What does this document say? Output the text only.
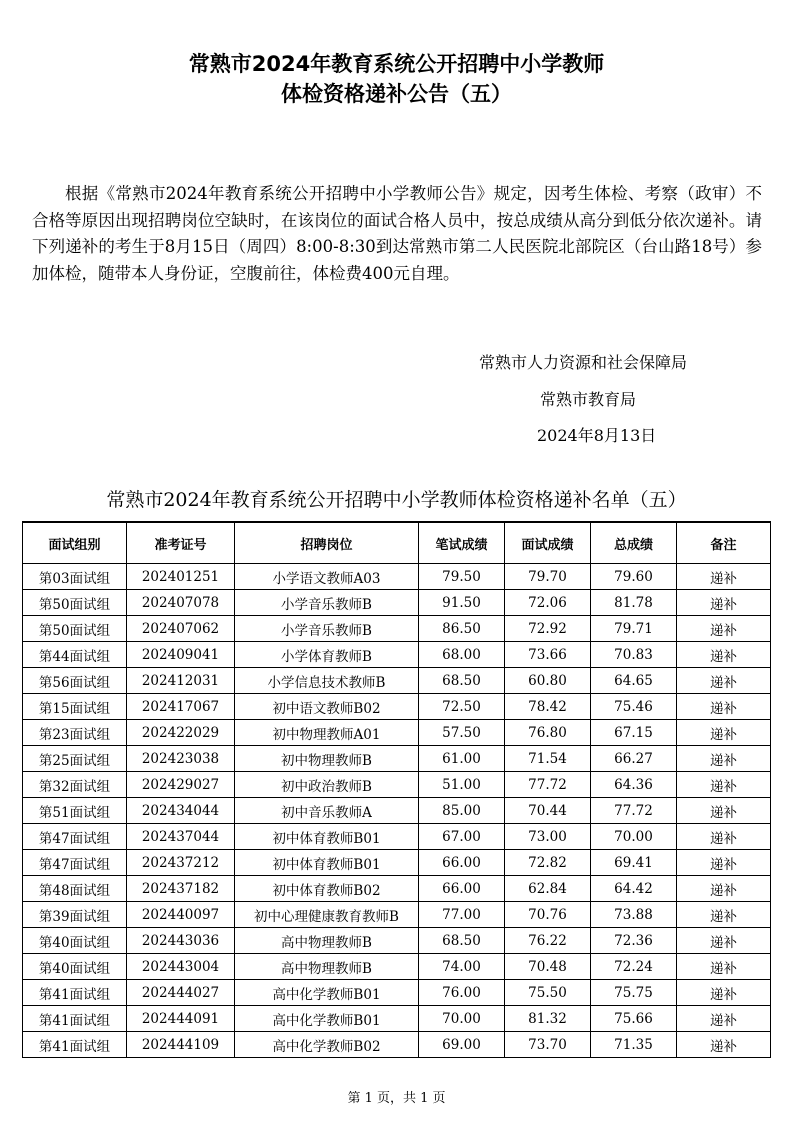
常熟市2024年教育系统公开招聘中小学教师
体检资格递补公告（五）
根据《常熟市2024年教育系统公开招聘中小学教师公告》规定，因考生体检、考察（政审）不合格等原因出现招聘岗位空缺时，在该岗位的面试合格人员中，按总成绩从高分到低分依次递补。请下列递补的考生于8月15日（周四）8:00-8:30到达常熟市第二人民医院北部院区（台山路18号）参加体检，随带本人身份证，空腹前往，体检费400元自理。
常熟市人力资源和社会保障局
常熟市教育局
2024年8月13日
常熟市2024年教育系统公开招聘中小学教师体检资格递补名单（五）
面试组别	准考证号	招聘岗位	笔试成绩	面试成绩	总成绩	备注
第03面试组	202401251	小学语文教师A03	79.50	79.70	79.60	递补
第50面试组	202407078	小学音乐教师B	91.50	72.06	81.78	递补
第50面试组	202407062	小学音乐教师B	86.50	72.92	79.71	递补
第44面试组	202409041	小学体育教师B	68.00	73.66	70.83	递补
第56面试组	202412031	小学信息技术教师B	68.50	60.80	64.65	递补
第15面试组	202417067	初中语文教师B02	72.50	78.42	75.46	递补
第23面试组	202422029	初中物理教师A01	57.50	76.80	67.15	递补
第25面试组	202423038	初中物理教师B	61.00	71.54	66.27	递补
第32面试组	202429027	初中政治教师B	51.00	77.72	64.36	递补
第51面试组	202434044	初中音乐教师A	85.00	70.44	77.72	递补
第47面试组	202437044	初中体育教师B01	67.00	73.00	70.00	递补
第47面试组	202437212	初中体育教师B01	66.00	72.82	69.41	递补
第48面试组	202437182	初中体育教师B02	66.00	62.84	64.42	递补
第39面试组	202440097	初中心理健康教育教师B	77.00	70.76	73.88	递补
第40面试组	202443036	高中物理教师B	68.50	76.22	72.36	递补
第40面试组	202443004	高中物理教师B	74.00	70.48	72.24	递补
第41面试组	202444027	高中化学教师B01	76.00	75.50	75.75	递补
第41面试组	202444091	高中化学教师B01	70.00	81.32	75.66	递补
第41面试组	202444109	高中化学教师B02	69.00	73.70	71.35	递补
第 1 页，共 1 页
